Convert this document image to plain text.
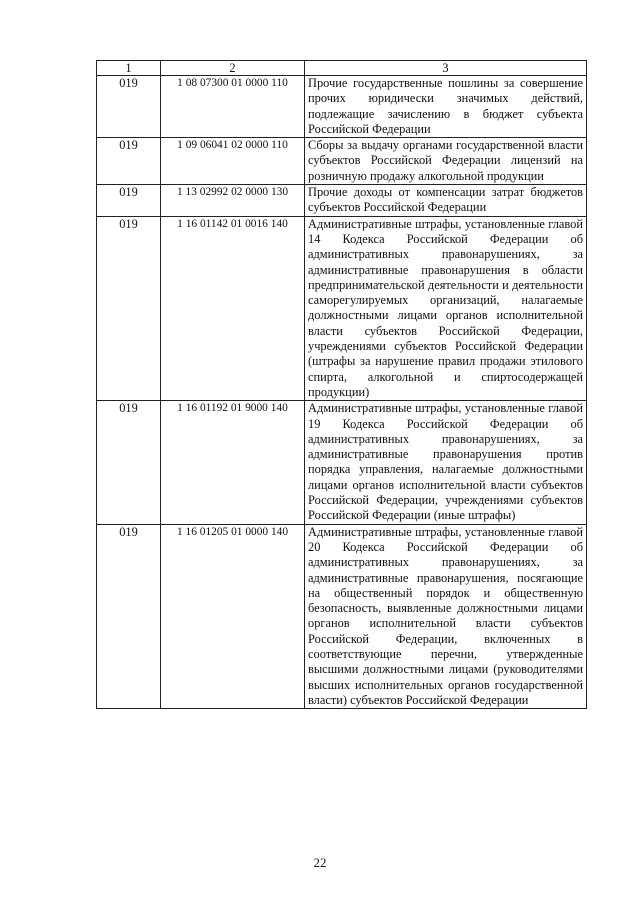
1	2	3
019	1 08 07300 01 0000 110	Прочие государственные пошлины за совершение прочих юридически значимых действий, подлежащие зачислению в бюджет субъекта Российской Федерации
019	1 09 06041 02 0000 110	Сборы за выдачу органами государственной власти субъектов Российской Федерации лицензий на розничную продажу алкогольной продукции
019	1 13 02992 02 0000 130	Прочие доходы от компенсации затрат бюджетов субъектов Российской Федерации
019	1 16 01142 01 0016 140	Административные штрафы, установленные главой 14 Кодекса Российской Федерации об административных правонарушениях, за административные правонарушения в области предпринимательской деятельности и деятельности саморегулируемых организаций, налагаемые должностными лицами органов исполнительной власти субъектов Российской Федерации, учреждениями субъектов Российской Федерации (штрафы за нарушение правил продажи этилового спирта, алкогольной и спиртосодержащей продукции)
019	1 16 01192 01 9000 140	Административные штрафы, установленные главой 19 Кодекса Российской Федерации об административных правонарушениях, за административные правонарушения против порядка управления, налагаемые должностными лицами органов исполнительной власти субъектов Российской Федерации, учреждениями субъектов Российской Федерации (иные штрафы)
019	1 16 01205 01 0000 140	Административные штрафы, установленные главой 20 Кодекса Российской Федерации об административных правонарушениях, за административные правонарушения, посягающие на общественный порядок и общественную безопасность, выявленные должностными лицами органов исполнительной власти субъектов Российской Федерации, включенных в соответствующие перечни, утвержденные высшими должностными лицами (руководителями высших исполнительных органов государственной власти) субъектов Российской Федерации
22
